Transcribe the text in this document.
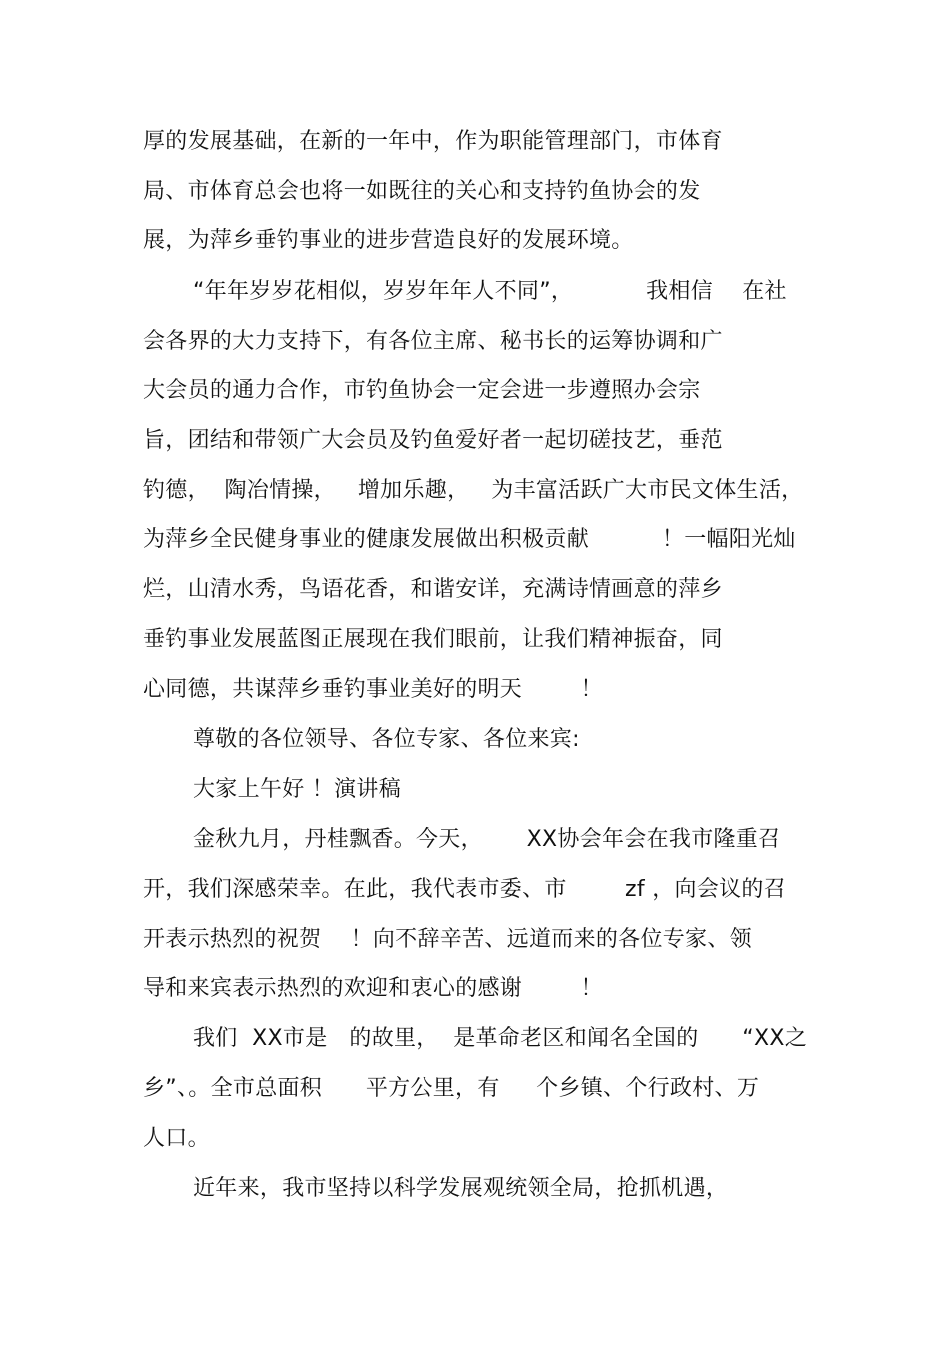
厚的发展基础，在新的一年中，作为职能管理部门，市体育
局、市体育总会也将一如既往的关心和支持钓鱼协会的发
展，为萍乡垂钓事业的进步营造良好的发展环境。
“年年岁岁花相似，岁岁年年人不同”，          我相信    在社
会各界的大力支持下，有各位主席、秘书长的运筹协调和广
大会员的通力合作，市钓鱼协会一定会进一步遵照办会宗
旨，团结和带领广大会员及钓鱼爱好者一起切磋技艺，垂范
钓德，  陶冶情操，   增加乐趣，   为丰富活跃广大市民文体生活，
为萍乡全民健身事业的健康发展做出积极贡献          ！一幅阳光灿
烂，山清水秀，鸟语花香，和谐安详，充满诗情画意的萍乡
垂钓事业发展蓝图正展现在我们眼前，让我们精神振奋，同
心同德，共谋萍乡垂钓事业美好的明天        ！
尊敬的各位领导、各位专家、各位来宾:
大家上午好 ！演讲稿
金秋九月，丹桂飘香。今天，      XX协会年会在我市隆重召
开，我们深感荣幸。在此，我代表市委、市        zf ，向会议的召
开表示热烈的祝贺    ！向不辞辛苦、远道而来的各位专家、领
导和来宾表示热烈的欢迎和衷心的感谢        ！
我们  XX市是   的故里，  是革命老区和闻名全国的      “XX之
乡”、。全市总面积      平方公里，有     个乡镇、个行政村、万
人口。
近年来，我市坚持以科学发展观统领全局，抢抓机遇，
